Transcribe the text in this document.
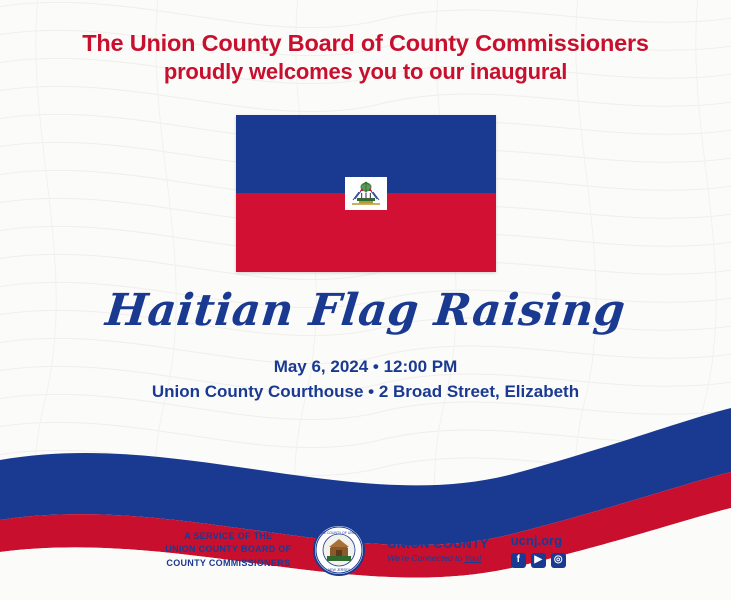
The Union County Board of County Commissioners
proudly welcomes you to our inaugural
Haitian Flag Raising
May 6, 2024 • 12:00 PM
Union County Courthouse • 2 Broad Street, Elizabeth
A SERVICE OF THE
UNION COUNTY BOARD OF
COUNTY COMMISSIONERS
THE COUNTY OF UNION
NEW JERSEY
UNION COUNTY
We're Connected to You!
ucnj.org
f	▶	◎
